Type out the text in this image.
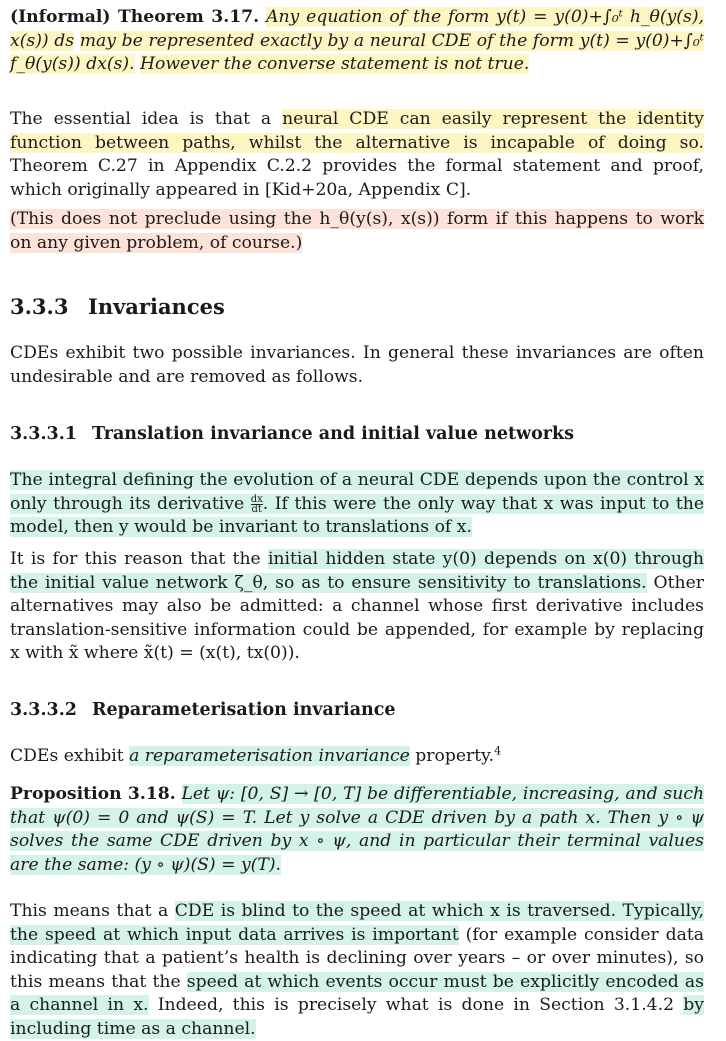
(Informal) Theorem 3.17. Any equation of the form y(t) = y(0)+∫₀ᵗ h_θ(y(s), x(s)) ds may be represented exactly by a neural CDE of the form y(t) = y(0)+∫₀ᵗ f_θ(y(s)) dx(s). However the converse statement is not true.

The essential idea is that a neural CDE can easily represent the identity function between paths, whilst the alternative is incapable of doing so. Theorem C.27 in Appendix C.2.2 provides the formal statement and proof, which originally appeared in [Kid+20a, Appendix C].

(This does not preclude using the h_θ(y(s), x(s)) form if this happens to work on any given problem, of course.)

3.3.3 Invariances

CDEs exhibit two possible invariances. In general these invariances are often undesirable and are removed as follows.

3.3.3.1 Translation invariance and initial value networks

The integral defining the evolution of a neural CDE depends upon the control x only through its derivative $\frac{dx}{dt}$ . If this were the only way that x was input to the model, then y would be invariant to translations of x.

It is for this reason that the initial hidden state y(0) depends on x(0) through the initial value network ζ_θ, so as to ensure sensitivity to translations. Other alternatives may also be admitted: a channel whose first derivative includes translation-sensitive information could be appended, for example by replacing x with x̃ where x̃(t) = (x(t), tx(0)).

3.3.3.2 Reparameterisation invariance

CDEs exhibit a reparameterisation invariance property.$^4$

Proposition 3.18. Let ψ: [0, S] → [0, T] be differentiable, increasing, and such that ψ(0) = 0 and ψ(S) = T. Let y solve a CDE driven by a path x. Then y ∘ ψ solves the same CDE driven by x ∘ ψ, and in particular their terminal values are the same: (y ∘ ψ)(S) = y(T).

This means that a CDE is blind to the speed at which x is traversed. Typically, the speed at which input data arrives is important (for example consider data indicating that a patient’s health is declining over years – or over minutes), so this means that the speed at which events occur must be explicitly encoded as a channel in x. Indeed, this is precisely what is done in Section 3.1.4.2 by including time as a channel.
